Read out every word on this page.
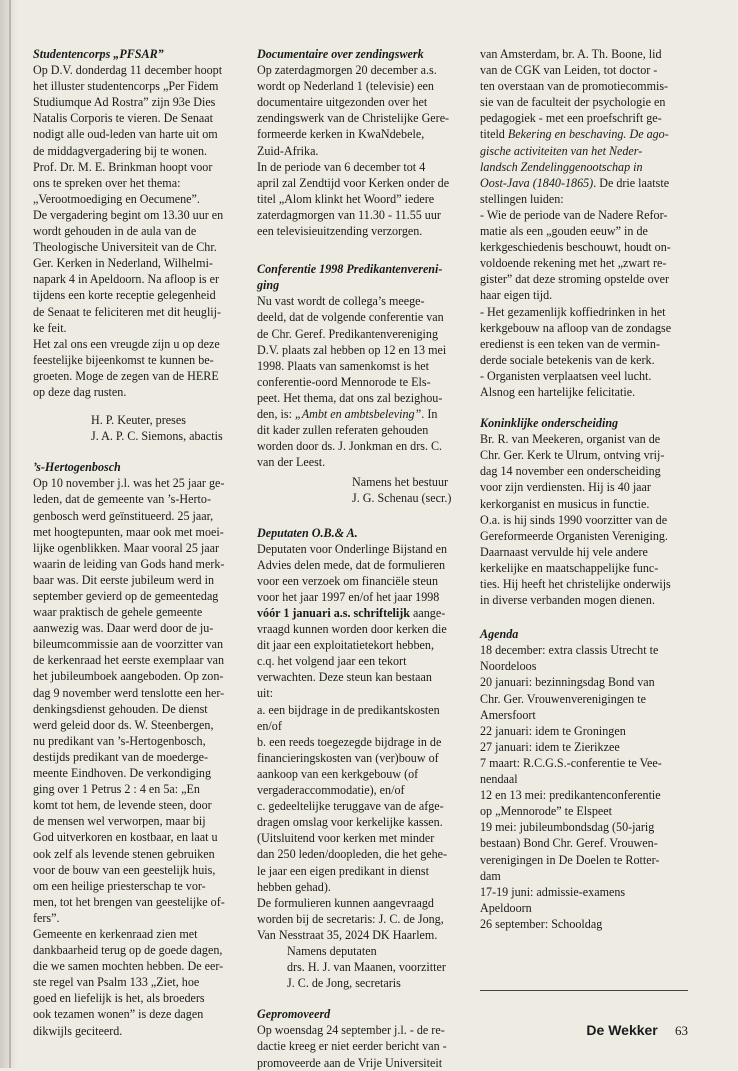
Studentencorps „PFSAR”

Op D.V. donderdag 11 december hoopt
het illuster studentencorps „Per Fidem
Studiumque Ad Rostra” zijn 93e Dies
Natalis Corporis te vieren. De Senaat
nodigt alle oud-leden van harte uit om
de middagvergadering bij te wonen.
Prof. Dr. M. E. Brinkman hoopt voor
ons te spreken over het thema:
„Verootmoediging en Oecumene”.
De vergadering begint om 13.30 uur en
wordt gehouden in de aula van de
Theologische Universiteit van de Chr.
Ger. Kerken in Nederland, Wilhelmi-
napark 4 in Apeldoorn. Na afloop is er
tijdens een korte receptie gelegenheid
de Senaat te feliciteren met dit heuglij-
ke feit.
Het zal ons een vreugde zijn u op deze
feestelijke bijeenkomst te kunnen be-
groeten. Moge de zegen van de HERE
op deze dag rusten.

H. P. Keuter, preses
J. A. P. C. Siemons, abactis

’s-Hertogenbosch

Op 10 november j.l. was het 25 jaar ge-
leden, dat de gemeente van ’s-Herto-
genbosch werd geïnstitueerd. 25 jaar,
met hoogtepunten, maar ook met moei-
lijke ogenblikken. Maar vooral 25 jaar
waarin de leiding van Gods hand merk-
baar was. Dit eerste jubileum werd in
september gevierd op de gemeentedag
waar praktisch de gehele gemeente
aanwezig was. Daar werd door de ju-
bileumcommissie aan de voorzitter van
de kerkenraad het eerste exemplaar van
het jubileumboek aangeboden. Op zon-
dag 9 november werd tenslotte een her-
denkingsdienst gehouden. De dienst
werd geleid door ds. W. Steenbergen,
nu predikant van ’s-Hertogenbosch,
destijds predikant van de moederge-
meente Eindhoven. De verkondiging
ging over 1 Petrus 2 : 4 en 5a: „En
komt tot hem, de levende steen, door
de mensen wel verworpen, maar bij
God uitverkoren en kostbaar, en laat u
ook zelf als levende stenen gebruiken
voor de bouw van een geestelijk huis,
om een heilige priesterschap te vor-
men, tot het brengen van geestelijke of-
fers”.
Gemeente en kerkenraad zien met
dankbaarheid terug op de goede dagen,
die we samen mochten hebben. De eer-
ste regel van Psalm 133 „Ziet, hoe
goed en liefelijk is het, als broeders
ook tezamen wonen” is deze dagen
dikwijls geciteerd.

Documentaire over zendingswerk

Op zaterdagmorgen 20 december a.s.
wordt op Nederland 1 (televisie) een
documentaire uitgezonden over het
zendingswerk van de Christelijke Gere-
formeerde kerken in KwaNdebele,
Zuid-Afrika.
In de periode van 6 december tot 4
april zal Zendtijd voor Kerken onder de
titel „Alom klinkt het Woord” iedere
zaterdagmorgen van 11.30 - 11.55 uur
een televisieuitzending verzorgen.

Conferentie 1998 Predikantenvereni-
ging

Nu vast wordt de collega’s meege-
deeld, dat de volgende conferentie van
de Chr. Geref. Predikantenvereniging
D.V. plaats zal hebben op 12 en 13 mei
1998. Plaats van samenkomst is het
conferentie-oord Mennorode te Els-
peet. Het thema, dat ons zal bezighou-
den, is: „Ambt en ambtsbeleving”. In
dit kader zullen referaten gehouden
worden door ds. J. Jonkman en drs. C.
van der Leest.

Namens het bestuur
J. G. Schenau (secr.)

Deputaten O.B.& A.

Deputaten voor Onderlinge Bijstand en
Advies delen mede, dat de formulieren
voor een verzoek om financiële steun
voor het jaar 1997 en/of het jaar 1998
vóór 1 januari a.s. schriftelijk aange-
vraagd kunnen worden door kerken die
dit jaar een exploitatietekort hebben,
c.q. het volgend jaar een tekort
verwachten. Deze steun kan bestaan
uit:
a. een bijdrage in de predikantskosten
en/of
b. een reeds toegezegde bijdrage in de
financieringskosten van (ver)bouw of
aankoop van een kerkgebouw (of
vergaderaccommodatie), en/of
c. gedeeltelijke teruggave van de afge-
dragen omslag voor kerkelijke kassen.
(Uitsluitend voor kerken met minder
dan 250 leden/doopleden, die het gehe-
le jaar een eigen predikant in dienst
hebben gehad).
De formulieren kunnen aangevraagd
worden bij de secretaris: J. C. de Jong,
Van Nesstraat 35, 2024 DK Haarlem.

Namens deputaten
drs. H. J. van Maanen, voorzitter
J. C. de Jong, secretaris

Gepromoveerd

Op woensdag 24 september j.l. - de re-
dactie kreeg er niet eerder bericht van -
promoveerde aan de Vrije Universiteit

van Amsterdam, br. A. Th. Boone, lid
van de CGK van Leiden, tot doctor -
ten overstaan van de promotiecommis-
sie van de faculteit der psychologie en
pedagogiek - met een proefschrift ge-
titeld Bekering en beschaving. De ago-
gische activiteiten van het Neder-
landsch Zendelinggenootschap in
Oost-Java (1840-1865). De drie laatste
stellingen luiden:
- Wie de periode van de Nadere Refor-
matie als een „gouden eeuw” in de
kerkgeschiedenis beschouwt, houdt on-
voldoende rekening met het „zwart re-
gister” dat deze stroming opstelde over
haar eigen tijd.
- Het gezamenlijk koffiedrinken in het
kerkgebouw na afloop van de zondagse
eredienst is een teken van de vermin-
derde sociale betekenis van de kerk.
- Organisten verplaatsen veel lucht.
Alsnog een hartelijke felicitatie.

Koninklijke onderscheiding

Br. R. van Meekeren, organist van de
Chr. Ger. Kerk te Ulrum, ontving vrij-
dag 14 november een onderscheiding
voor zijn verdiensten. Hij is 40 jaar
kerkorganist en musicus in functie.
O.a. is hij sinds 1990 voorzitter van de
Gereformeerde Organisten Vereniging.
Daarnaast vervulde hij vele andere
kerkelijke en maatschappelijke func-
ties. Hij heeft het christelijke onderwijs
in diverse verbanden mogen dienen.

Agenda

18 december: extra classis Utrecht te
Noordeloos

20 januari: bezinningsdag Bond van
Chr. Ger. Vrouwenverenigingen te
Amersfoort

22 januari: idem te Groningen

27 januari: idem te Zierikzee

7 maart: R.C.G.S.-conferentie te Vee-
nendaal

12 en 13 mei: predikantenconferentie
op „Mennorode” te Elspeet

19 mei: jubileumbondsdag (50-jarig
bestaan) Bond Chr. Geref. Vrouwen-
verenigingen in De Doelen te Rotter-
dam

17-19 juni: admissie-examens
Apeldoorn

26 september: Schooldag

De Wekker 63
